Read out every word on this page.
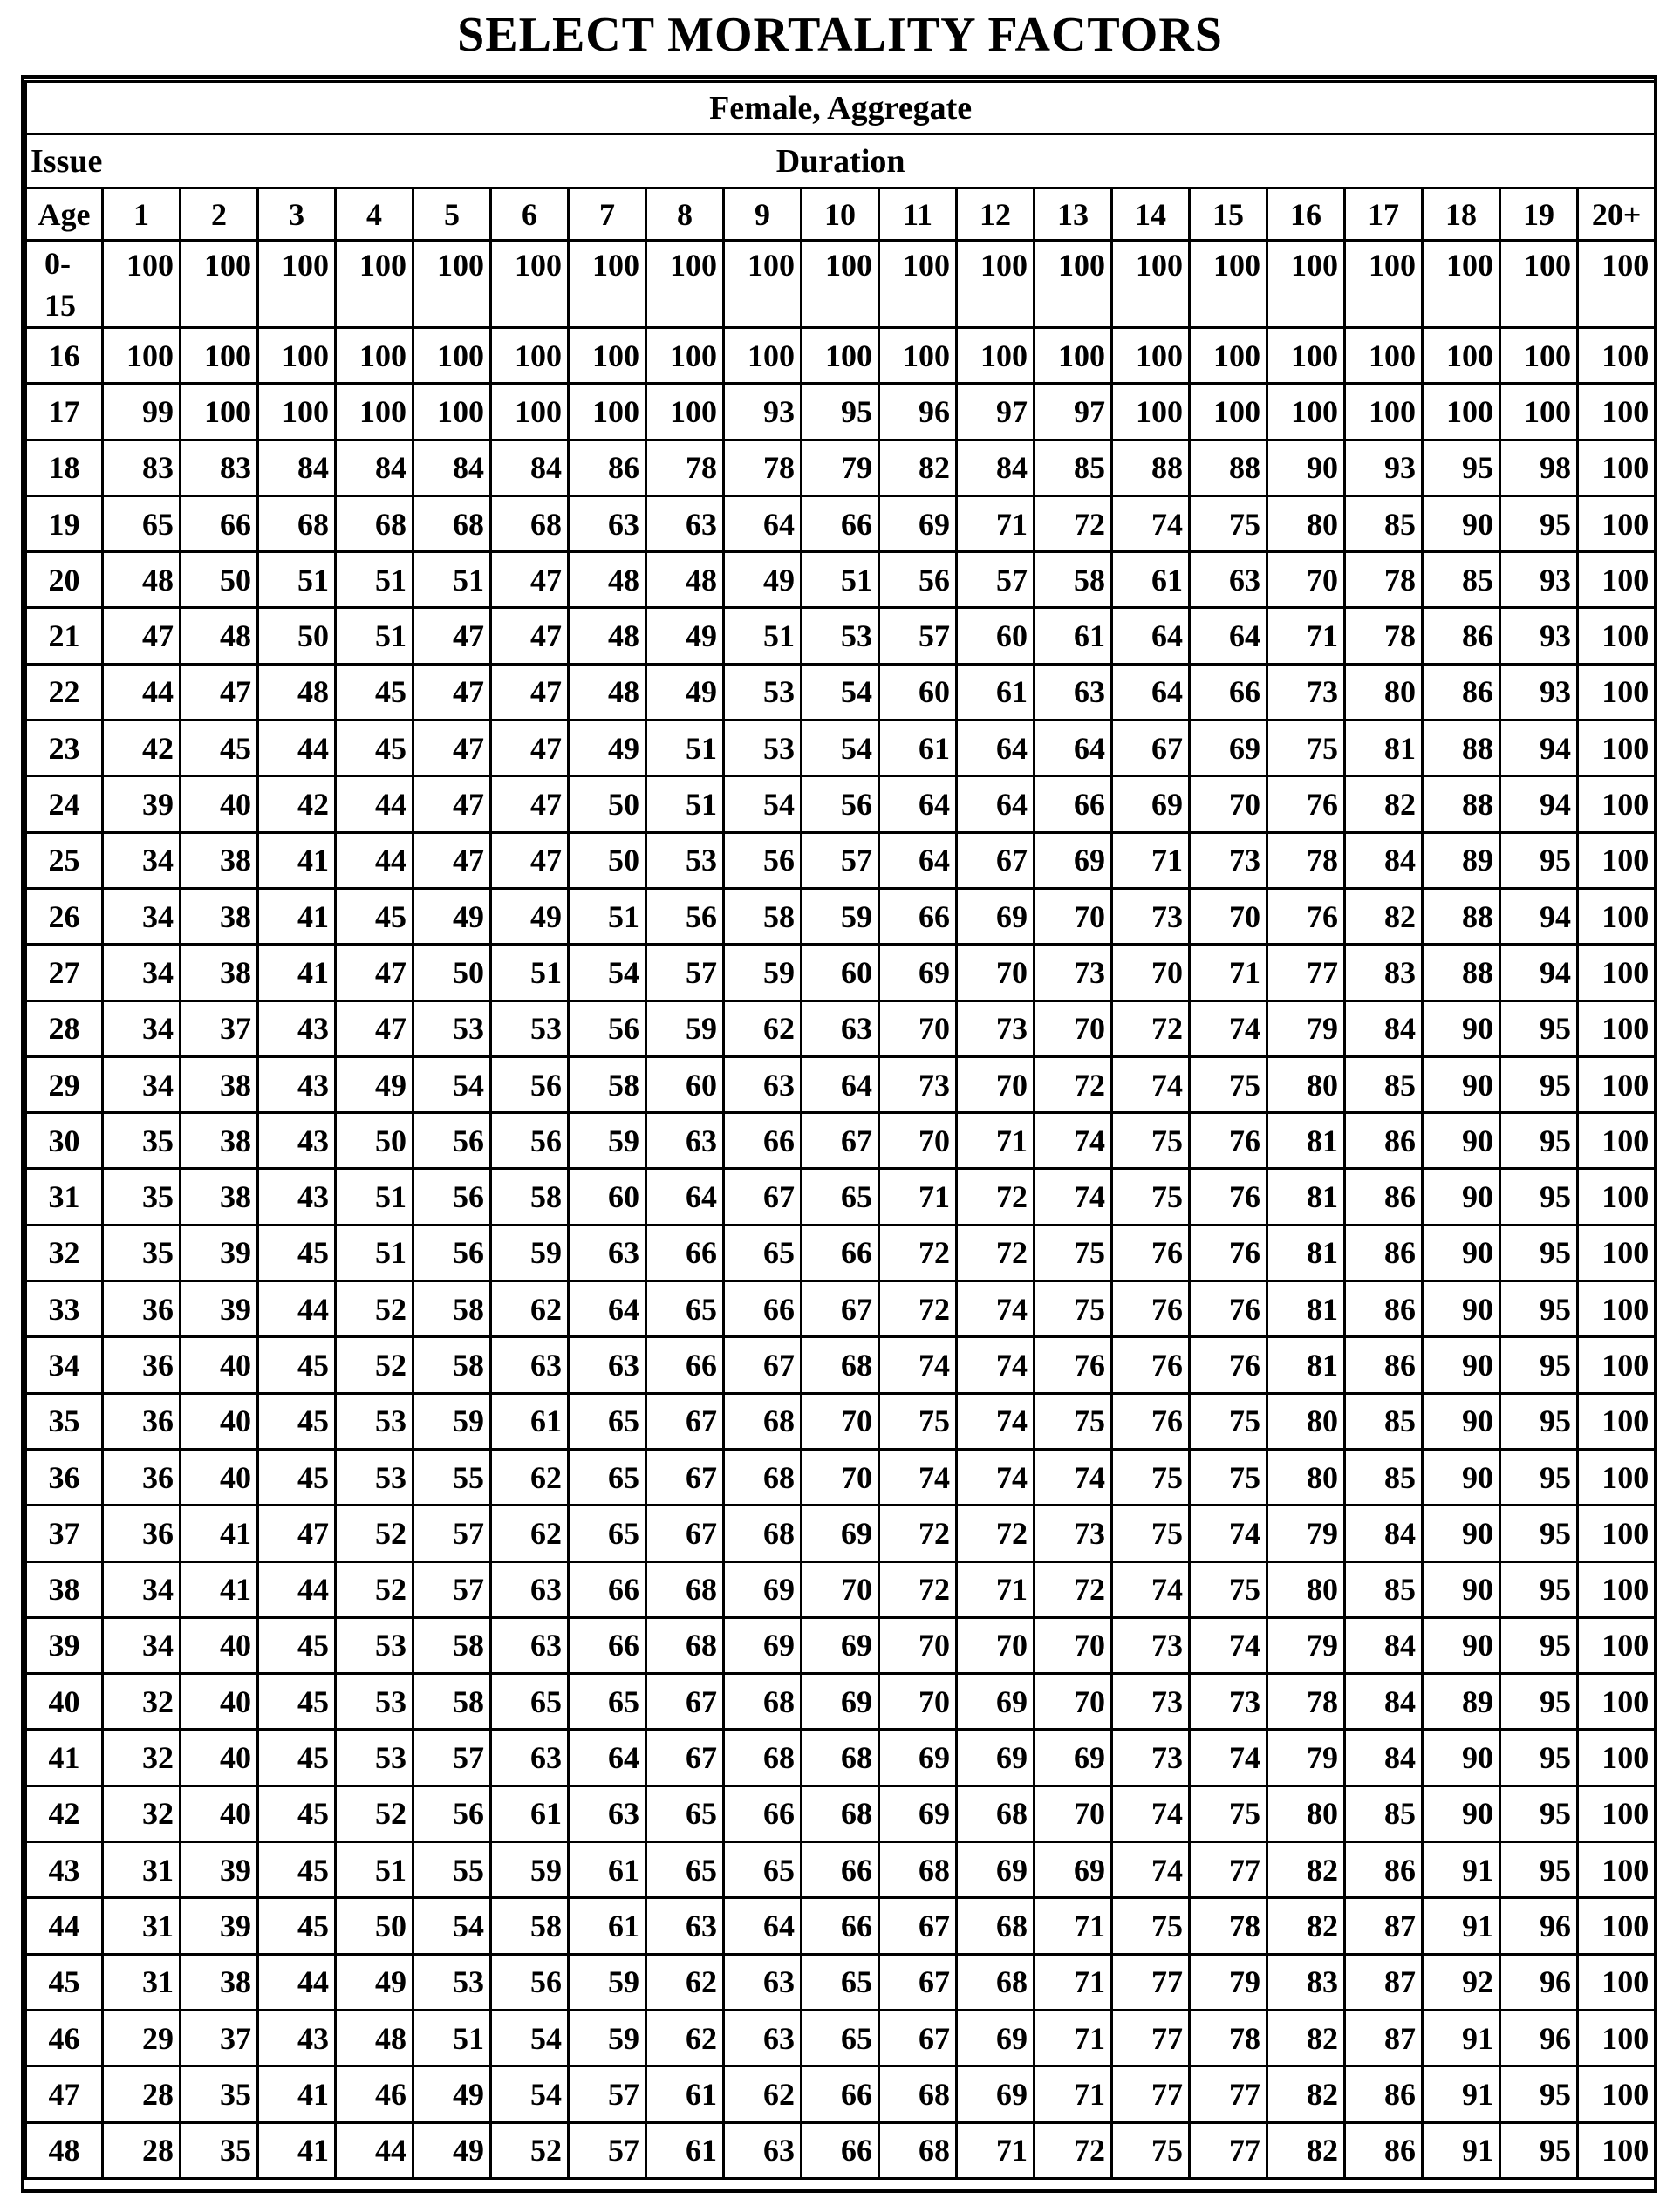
SELECT MORTALITY FACTORS
Female, Aggregate																				

Issue Duration																				

Age	1	2	3	4	5	6	7	8	9	10	11	12	13	14	15	16	17	18	19	20+
0-
15	100	100	100	100	100	100	100	100	100	100	100	100	100	100	100	100	100	100	100	100
16	100	100	100	100	100	100	100	100	100	100	100	100	100	100	100	100	100	100	100	100
17	99	100	100	100	100	100	100	100	93	95	96	97	97	100	100	100	100	100	100	100
18	83	83	84	84	84	84	86	78	78	79	82	84	85	88	88	90	93	95	98	100
19	65	66	68	68	68	68	63	63	64	66	69	71	72	74	75	80	85	90	95	100
20	48	50	51	51	51	47	48	48	49	51	56	57	58	61	63	70	78	85	93	100
21	47	48	50	51	47	47	48	49	51	53	57	60	61	64	64	71	78	86	93	100
22	44	47	48	45	47	47	48	49	53	54	60	61	63	64	66	73	80	86	93	100
23	42	45	44	45	47	47	49	51	53	54	61	64	64	67	69	75	81	88	94	100
24	39	40	42	44	47	47	50	51	54	56	64	64	66	69	70	76	82	88	94	100
25	34	38	41	44	47	47	50	53	56	57	64	67	69	71	73	78	84	89	95	100
26	34	38	41	45	49	49	51	56	58	59	66	69	70	73	70	76	82	88	94	100
27	34	38	41	47	50	51	54	57	59	60	69	70	73	70	71	77	83	88	94	100
28	34	37	43	47	53	53	56	59	62	63	70	73	70	72	74	79	84	90	95	100
29	34	38	43	49	54	56	58	60	63	64	73	70	72	74	75	80	85	90	95	100
30	35	38	43	50	56	56	59	63	66	67	70	71	74	75	76	81	86	90	95	100
31	35	38	43	51	56	58	60	64	67	65	71	72	74	75	76	81	86	90	95	100
32	35	39	45	51	56	59	63	66	65	66	72	72	75	76	76	81	86	90	95	100
33	36	39	44	52	58	62	64	65	66	67	72	74	75	76	76	81	86	90	95	100
34	36	40	45	52	58	63	63	66	67	68	74	74	76	76	76	81	86	90	95	100
35	36	40	45	53	59	61	65	67	68	70	75	74	75	76	75	80	85	90	95	100
36	36	40	45	53	55	62	65	67	68	70	74	74	74	75	75	80	85	90	95	100
37	36	41	47	52	57	62	65	67	68	69	72	72	73	75	74	79	84	90	95	100
38	34	41	44	52	57	63	66	68	69	70	72	71	72	74	75	80	85	90	95	100
39	34	40	45	53	58	63	66	68	69	69	70	70	70	73	74	79	84	90	95	100
40	32	40	45	53	58	65	65	67	68	69	70	69	70	73	73	78	84	89	95	100
41	32	40	45	53	57	63	64	67	68	68	69	69	69	73	74	79	84	90	95	100
42	32	40	45	52	56	61	63	65	66	68	69	68	70	74	75	80	85	90	95	100
43	31	39	45	51	55	59	61	65	65	66	68	69	69	74	77	82	86	91	95	100
44	31	39	45	50	54	58	61	63	64	66	67	68	71	75	78	82	87	91	96	100
45	31	38	44	49	53	56	59	62	63	65	67	68	71	77	79	83	87	92	96	100
46	29	37	43	48	51	54	59	62	63	65	67	69	71	77	78	82	87	91	96	100
47	28	35	41	46	49	54	57	61	62	66	68	69	71	77	77	82	86	91	95	100
48	28	35	41	44	49	52	57	61	63	66	68	71	72	75	77	82	86	91	95	100
